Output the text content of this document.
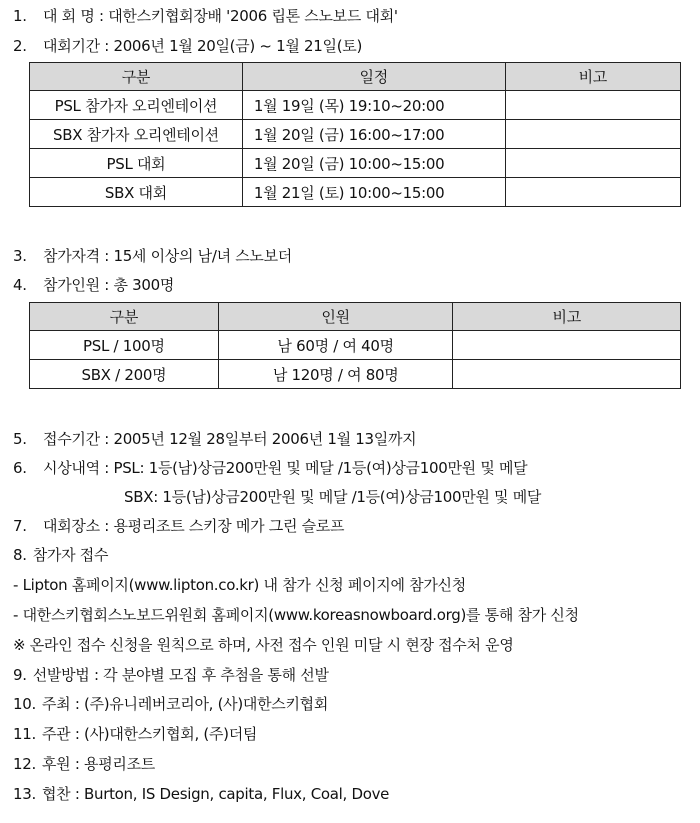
1. 대 회 명 : 대한스키협회장배 '2006 립톤 스노보드 대회'
2. 대회기간 : 2006년 1월 20일(금) ~ 1월 21일(토)
구분	일정	비고
PSL 참가자 오리엔테이션	1월 19일 (목) 19:10~20:00	
SBX 참가자 오리엔테이션	1월 20일 (금) 16:00~17:00	
PSL 대회	1월 20일 (금) 10:00~15:00	
SBX 대회	1월 21일 (토) 10:00~15:00	
3. 참가자격 : 15세 이상의 남/녀 스노보더
4. 참가인원 : 총 300명
구분	인원	비고
PSL / 100명	남 60명 / 여 40명	
SBX / 200명	남 120명 / 여 80명	
5. 접수기간 : 2005년 12월 28일부터 2006년 1월 13일까지
6. 시상내역 : PSL: 1등(남)상금200만원 및 메달 /1등(여)상금100만원 및 메달
SBX: 1등(남)상금200만원 및 메달 /1등(여)상금100만원 및 메달
7. 대회장소 : 용평리조트 스키장 메가 그린 슬로프
8. 참가자 접수
- Lipton 홈페이지(www.lipton.co.kr) 내 참가 신청 페이지에 참가신청
- 대한스키협회스노보드위원회 홈페이지(www.koreasnowboard.org)를 통해 참가 신청
※ 온라인 접수 신청을 원칙으로 하며, 사전 접수 인원 미달 시 현장 접수처 운영
9. 선발방법 : 각 분야별 모집 후 추첨을 통해 선발
10. 주최 : (주)유니레버코리아, (사)대한스키협회
11. 주관 : (사)대한스키협회, (주)더팀
12. 후원 : 용평리조트
13. 협찬 : Burton, IS Design, capita, Flux, Coal, Dove
